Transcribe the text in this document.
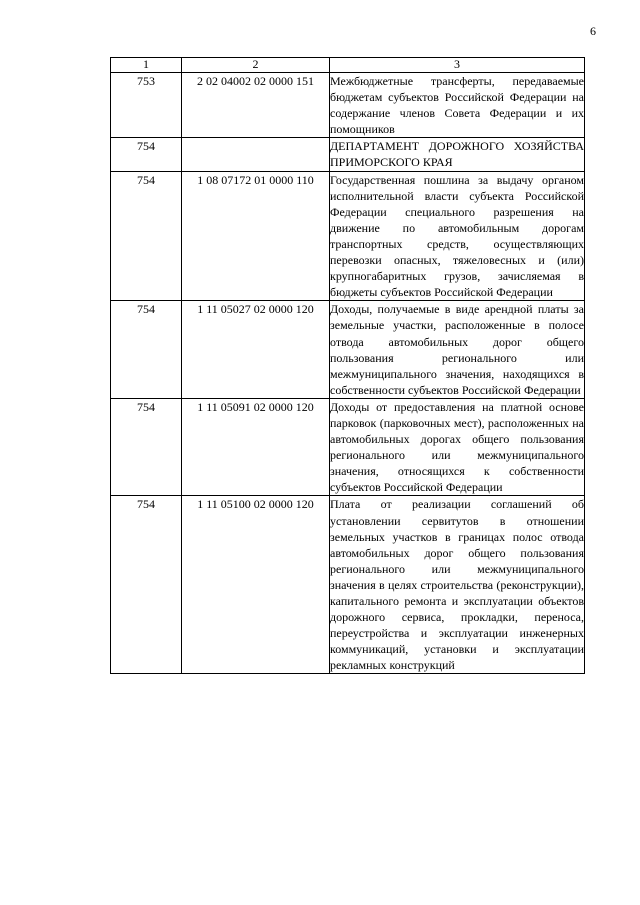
6
1	2	3
753	2 02 04002 02 0000 151	Межбюджетные трансферты, передаваемые бюджетам субъектов Российской Федерации на содержание членов Совета Федерации и их помощников
754		ДЕПАРТАМЕНТ ДОРОЖНОГО ХОЗЯЙСТВА ПРИМОРСКОГО КРАЯ
754	1 08 07172 01 0000 110	Государственная пошлина за выдачу органом исполнительной власти субъекта Российской Федерации специального разрешения на движение по автомобильным дорогам транспортных средств, осуществляющих перевозки опасных, тяжеловесных и (или) крупногабаритных грузов, зачисляемая в бюджеты субъектов Российской Федерации
754	1 11 05027 02 0000 120	Доходы, получаемые в виде арендной платы за земельные участки, расположенные в полосе отвода автомобильных дорог общего пользования регионального или межмуниципального значения, находящихся в собственности субъектов Российской Федерации
754	1 11 05091 02 0000 120	Доходы от предоставления на платной основе парковок (парковочных мест), расположенных на автомобильных дорогах общего пользования регионального или межмуниципального значения, относящихся к собственности субъектов Российской Федерации
754	1 11 05100 02 0000 120	Плата от реализации соглашений об установлении сервитутов в отношении земельных участков в границах полос отвода автомобильных дорог общего пользования регионального или межмуниципального значения в целях строительства (реконструкции), капитального ремонта и эксплуатации объектов дорожного сервиса, прокладки, переноса, переустройства и эксплуатации инженерных коммуникаций, установки и эксплуатации рекламных конструкций
